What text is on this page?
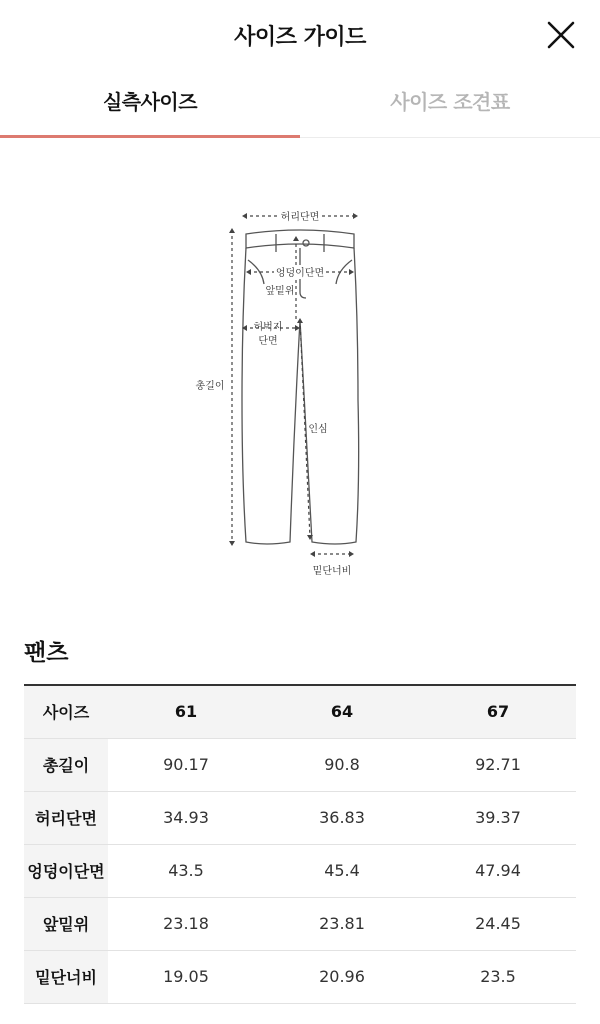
사이즈 가이드
실측사이즈	사이즈 조견표
허리단면
엉덩이단면
앞밑위
허벅지
단면
총길이
인심
밑단너비
팬츠
사이즈	61	64	67
총길이	90.17	90.8	92.71
허리단면	34.93	36.83	39.37
엉덩이단면	43.5	45.4	47.94
앞밑위	23.18	23.81	24.45
밑단너비	19.05	20.96	23.5
